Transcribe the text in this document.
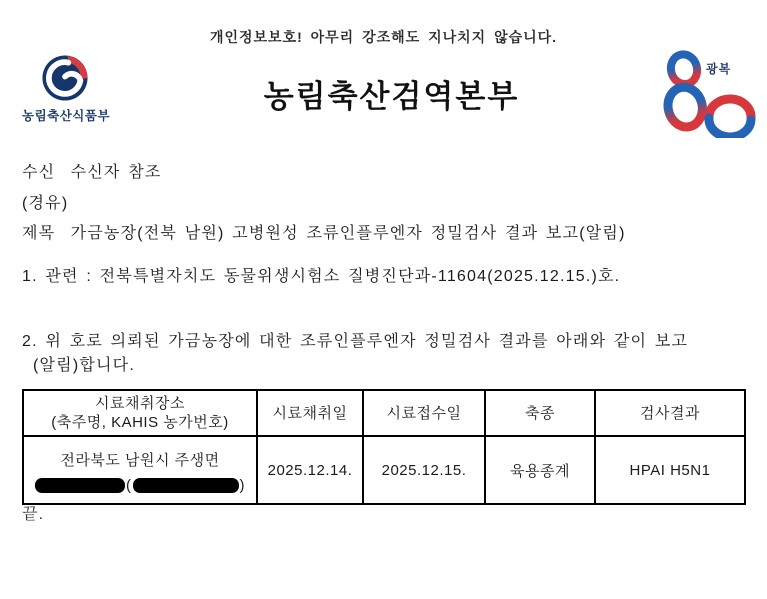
개인정보보호! 아무리 강조해도 지나치지 않습니다.
농림축산식품부
농림축산검역본부
광복
수신  수신자 참조
(경유)
제목  가금농장(전북 남원) 고병원성 조류인플루엔자 정밀검사 결과 보고(알림)
1. 관련 : 전북특별자치도 동물위생시험소 질병진단과-11604(2025.12.15.)호.
2. 위 호로 의뢰된 가금농장에 대한 조류인플루엔자 정밀검사 결과를 아래와 같이 보고
(알림)합니다.
시료채취장소
(축주명, KAHIS 농가번호)	시료채취일	시료접수일	축종	검사결과

전라북도 남원시 주생면
( )	2025.12.14.	2025.12.15.	육용종계	HPAI H5N1
끝.
